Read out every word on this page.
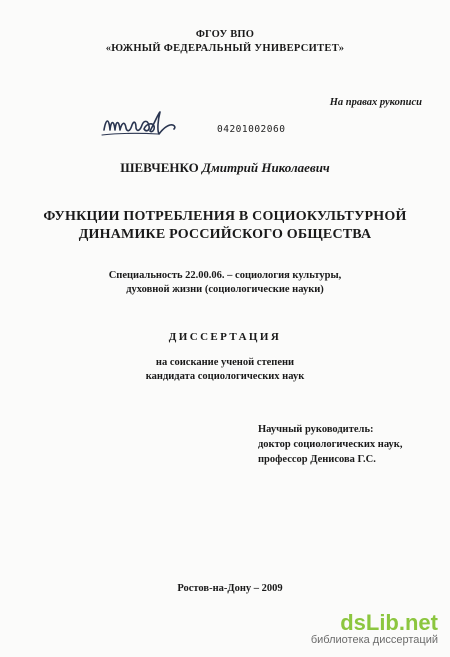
ФГОУ ВПО
«ЮЖНЫЙ ФЕДЕРАЛЬНЫЙ УНИВЕРСИТЕТ»
На правах рукописи
04201002060
ШЕВЧЕНКО Дмитрий Николаевич
ФУНКЦИИ ПОТРЕБЛЕНИЯ В СОЦИОКУЛЬТУРНОЙ
ДИНАМИКЕ РОССИЙСКОГО ОБЩЕСТВА
Специальность 22.00.06. – социология культуры,
духовной жизни (социологические науки)
ДИССЕРТАЦИЯ
на соискание ученой степени
кандидата социологических наук
Научный руководитель:
доктор социологических наук,
профессор Денисова Г.С.
Ростов-на-Дону – 2009
dsLib.net
библиотека диссертаций
